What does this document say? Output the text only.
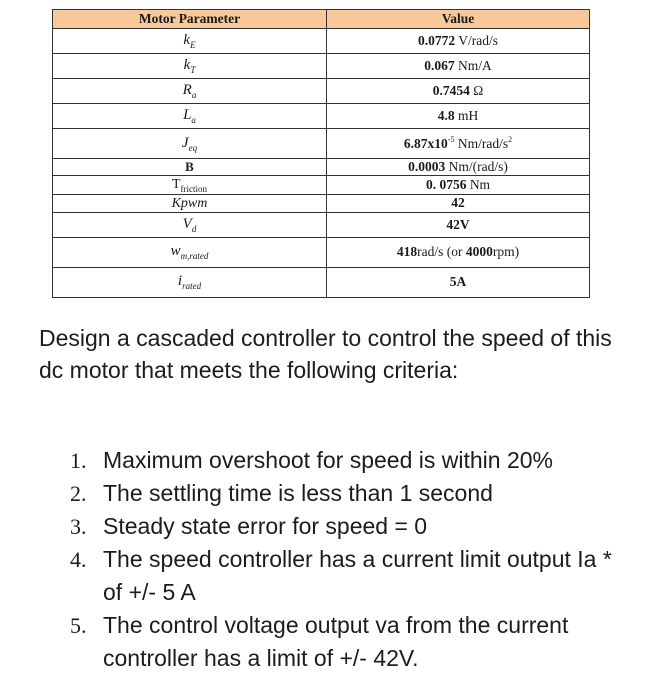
Motor Parameter	Value
$k_E$	0.0772 V/rad/s
$k_T$	0.067 Nm/A
$R_a$	0.7454 Ω
$L_a$	4.8 mH
$J_{eq}$	$6.87x10^{-5}$ $Nm/rad/s^2$
B	0.0003 Nm/(rad/s)
$T_{friction}$	0. 0756 Nm
Kpwm	42
$V_d$	42V
$w_{m,rated}$	418rad/s (or 4000rpm)
$i_{rated}$	5A

Design a cascaded controller to control the speed of this dc motor that meets the following criteria:

1. Maximum overshoot for speed is within 20%
2. The settling time is less than 1 second
3. Steady state error for speed = 0
4. The speed controller has a current limit output Ia * of +/- 5 A
5. The control voltage output va from the current controller has a limit of +/- 42V.
